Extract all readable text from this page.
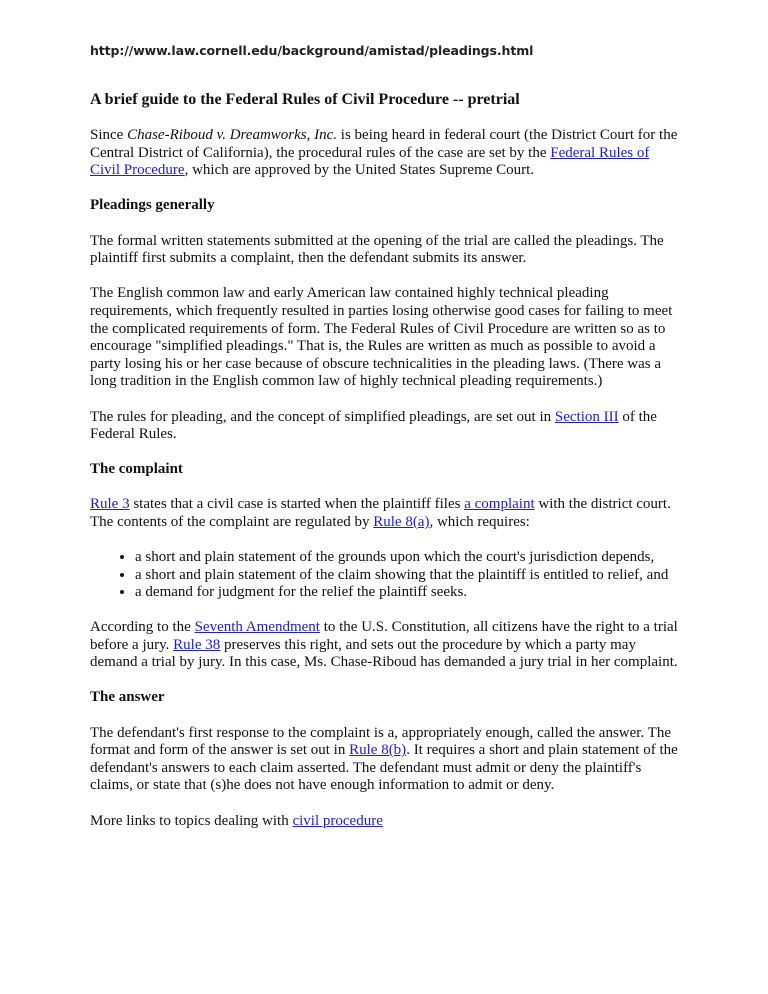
http://www.law.cornell.edu/background/amistad/pleadings.html
A brief guide to the Federal Rules of Civil Procedure -- pretrial

Since Chase-Riboud v. Dreamworks, Inc. is being heard in federal court (the District Court for the Central District of California), the procedural rules of the case are set by the Federal Rules of Civil Procedure, which are approved by the United States Supreme Court.

Pleadings generally

The formal written statements submitted at the opening of the trial are called the pleadings. The plaintiff first submits a complaint, then the defendant submits its answer.

The English common law and early American law contained highly technical pleading requirements, which frequently resulted in parties losing otherwise good cases for failing to meet the complicated requirements of form. The Federal Rules of Civil Procedure are written so as to encourage "simplified pleadings." That is, the Rules are written as much as possible to avoid a party losing his or her case because of obscure technicalities in the pleading laws. (There was a long tradition in the English common law of highly technical pleading requirements.)

The rules for pleading, and the concept of simplified pleadings, are set out in Section III of the Federal Rules.

The complaint

Rule 3 states that a civil case is started when the plaintiff files a complaint with the district court. The contents of the complaint are regulated by Rule 8(a), which requires:

• a short and plain statement of the grounds upon which the court's jurisdiction depends,
• a short and plain statement of the claim showing that the plaintiff is entitled to relief, and
• a demand for judgment for the relief the plaintiff seeks.

According to the Seventh Amendment to the U.S. Constitution, all citizens have the right to a trial before a jury. Rule 38 preserves this right, and sets out the procedure by which a party may demand a trial by jury. In this case, Ms. Chase-Riboud has demanded a jury trial in her complaint.

The answer

The defendant's first response to the complaint is a, appropriately enough, called the answer. The format and form of the answer is set out in Rule 8(b). It requires a short and plain statement of the defendant's answers to each claim asserted. The defendant must admit or deny the plaintiff's claims, or state that (s)he does not have enough information to admit or deny.

More links to topics dealing with civil procedure
